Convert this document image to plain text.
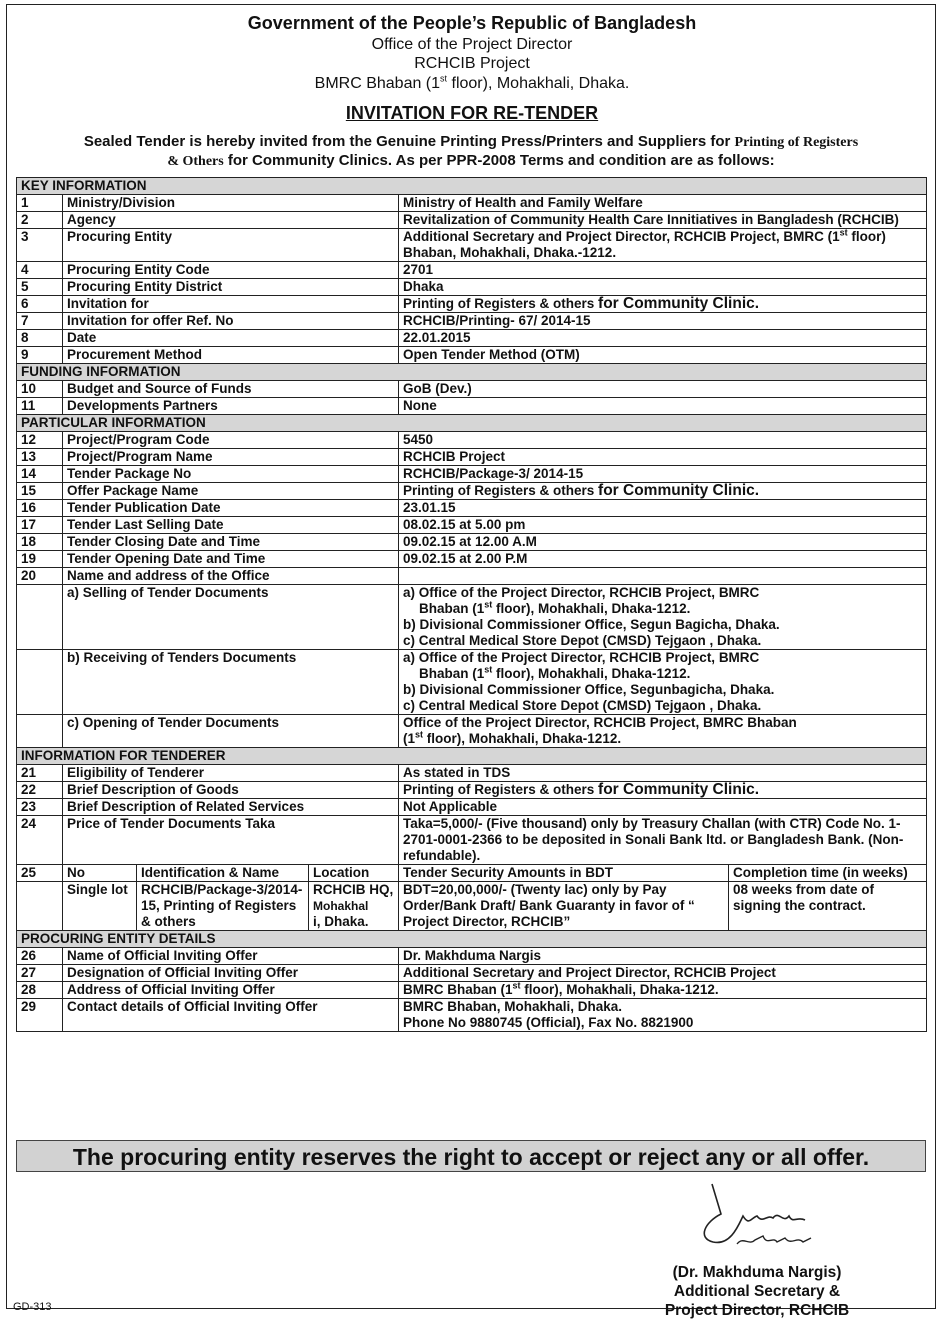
Government of the People’s Republic of Bangladesh
Office of the Project Director
RCHCIB Project
BMRC Bhaban (1st floor), Mohakhali, Dhaka.
INVITATION FOR RE-TENDER
Sealed Tender is hereby invited from the Genuine Printing Press/Printers and Suppliers for Printing of Registers
& Others for Community Clinics. As per PPR-2008 Terms and condition are as follows:
KEY INFORMATION					
1	Ministry/Division			Ministry of Health and Family Welfare	
2	Agency			Revitalization of Community Health Care Innitiatives in Bangladesh (RCHCIB)	
3	Procuring Entity			Additional Secretary and Project Director, RCHCIB Project, BMRC (1st floor) Bhaban, Mohakhali, Dhaka.-1212.	
4	Procuring Entity Code			2701	
5	Procuring Entity District			Dhaka	
6	Invitation for			Printing of Registers & others for Community Clinic.	
7	Invitation for offer Ref. No			RCHCIB/Printing- 67/ 2014-15	
8	Date			22.01.2015	
9	Procurement Method			Open Tender Method (OTM)	
FUNDING INFORMATION					
10	Budget and Source of Funds			GoB (Dev.)	
11	Developments Partners			None	
PARTICULAR INFORMATION					
12	Project/Program Code			5450	
13	Project/Program Name			RCHCIB Project	
14	Tender Package No			RCHCIB/Package-3/ 2014-15	
15	Offer Package Name			Printing of Registers & others for Community Clinic.	
16	Tender Publication Date			23.01.15	
17	Tender Last Selling Date			08.02.15 at 5.00 pm	
18	Tender Closing Date and Time			09.02.15 at 12.00 A.M	
19	Tender Opening Date and Time			09.02.15 at 2.00 P.M	
20	Name and address of the Office				
	a) Selling of Tender Documents			a) Office of the Project Director, RCHCIB Project, BMRC
Bhaban (1st floor), Mohakhali, Dhaka-1212.
b) Divisional Commissioner Office, Segun Bagicha, Dhaka.
c) Central Medical Store Depot (CMSD) Tejgaon , Dhaka.	

	b) Receiving of Tenders Documents			a) Office of the Project Director, RCHCIB Project, BMRC
Bhaban (1st floor), Mohakhali, Dhaka-1212.
b) Divisional Commissioner Office, Segunbagicha, Dhaka.
c) Central Medical Store Depot (CMSD) Tejgaon , Dhaka.	

	c) Opening of Tender Documents			Office of the Project Director, RCHCIB Project, BMRC Bhaban
(1st floor), Mohakhali, Dhaka-1212.	

INFORMATION FOR TENDERER					
21	Eligibility of Tenderer			As stated in TDS	
22	Brief Description of Goods			Printing of Registers & others for Community Clinic.	
23	Brief Description of Related Services			Not Applicable	
24	Price of Tender Documents Taka			Taka=5,000/- (Five thousand) only by Treasury Challan (with CTR) Code No. 1-2701-0001-2366 to be deposited in Sonali Bank ltd. or Bangladesh Bank. (Non-refundable).	
25	No	Identification & Name	Location	Tender Security Amounts in BDT	Completion time (in weeks)
	Single lot	RCHCIB/Package-3/2014-15, Printing of Registers & others	RCHCIB HQ,
Mohakhal
i, Dhaka.	BDT=20,00,000/- (Twenty lac) only by Pay Order/Bank Draft/ Bank Guaranty in favor of “ Project Director, RCHCIB”	08 weeks from date of signing the contract.
PROCURING ENTITY DETAILS					
26	Name of Official Inviting Offer			Dr. Makhduma Nargis	
27	Designation of Official Inviting Offer			Additional Secretary and Project Director, RCHCIB Project	
28	Address of Official Inviting Offer			BMRC Bhaban (1st floor), Mohakhali, Dhaka-1212.	
29	Contact details of Official Inviting Offer			BMRC Bhaban, Mohakhali, Dhaka.
Phone No 9880745 (Official), Fax No. 8821900	
The procuring entity reserves the right to accept or reject any or all offer.
(Dr. Makhduma Nargis)
Additional Secretary &
Project Director, RCHCIB
GD-313
